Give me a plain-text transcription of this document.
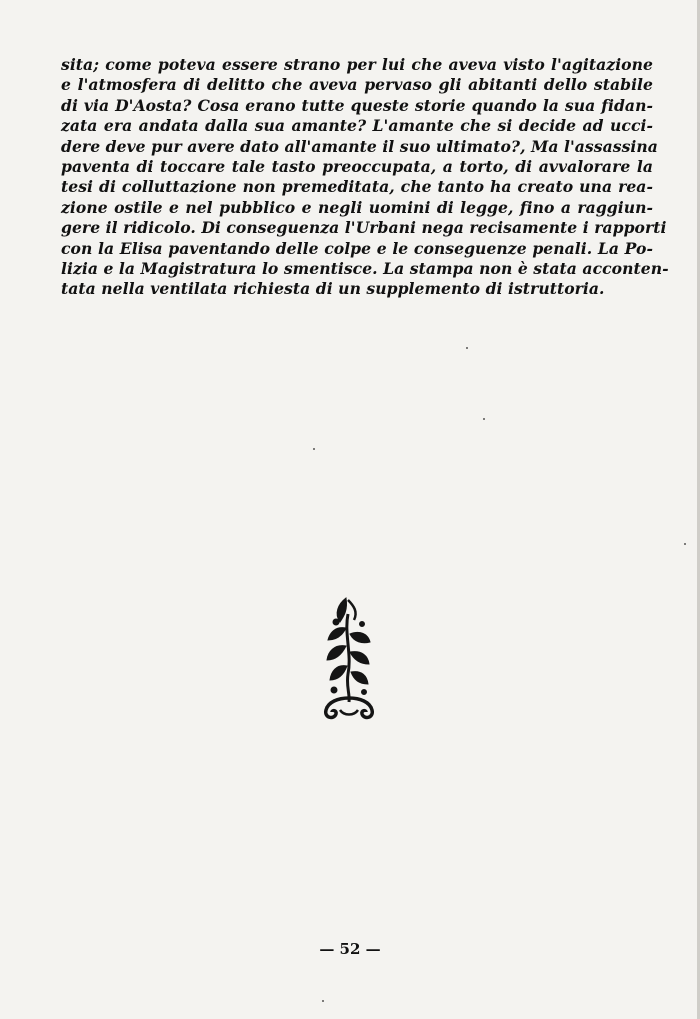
sita; come poteva essere strano per lui che aveva visto l'agitazione
e l'atmosfera di delitto che aveva pervaso gli abitanti dello stabile
di via D'Aosta? Cosa erano tutte queste storie quando la sua fidan-
zata era andata dalla sua amante? L'amante che si decide ad ucci-
dere deve pur avere dato all'amante il suo ultimato?, Ma l'assassina
paventa di toccare tale tasto preoccupata, a torto, di avvalorare la
tesi di colluttazione non premeditata, che tanto ha creato una rea-
zione ostile e nel pubblico e negli uomini di legge, fino a raggiun-
gere il ridicolo. Di conseguenza l'Urbani nega recisamente i rapporti
con la Elisa paventando delle colpe e le conseguenze penali. La Po-
lizia e la Magistratura lo smentisce. La stampa non è stata acconten-
tata nella ventilata richiesta di un supplemento di istruttoria.
— 52 —
